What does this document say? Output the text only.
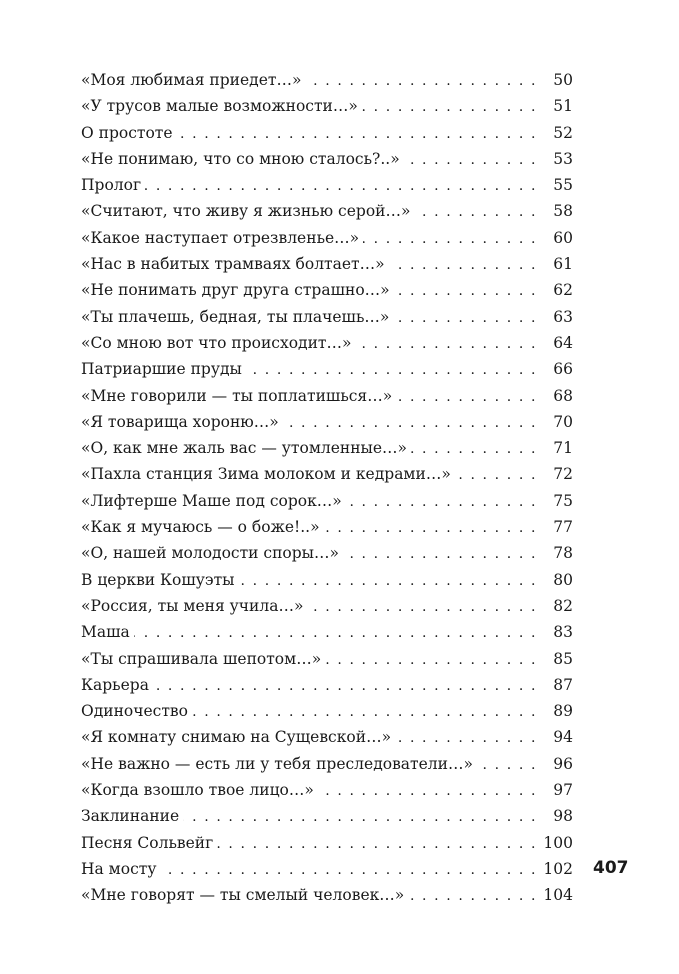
«Моя любимая приедет…» . . .	50
«У трусов малые возможности…» . . .	51
О простоте . . .	52
«Не понимаю, что со мною сталось?..» . . .	53
Пролог . . .	55
«Считают, что живу я жизнью серой…» . . .	58
«Какое наступает отрезвленье…» . . .	60
«Нас в набитых трамваях болтает…» . . .	61
«Не понимать друг друга страшно…» . . .	62
«Ты плачешь, бедная, ты плачешь…» . . .	63
«Со мною вот что происходит…» . . .	64
Патриаршие пруды . . .	66
«Мне говорили — ты поплатишься…» . . .	68
«Я товарища хороню…» . . .	70
«О, как мне жаль вас — утомленные…» . . .	71
«Пахла станция Зима молоком и кедрами…» . . .	72
«Лифтерше Маше под сорок…» . . .	75
«Как я мучаюсь — о боже!..» . . .	77
«О, нашей молодости споры…» . . .	78
В церкви Кошуэты . . .	80
«Россия, ты меня учила…» . . .	82
Маша . . .	83
«Ты спрашивала шепотом…» . . .	85
Карьера . . .	87
Одиночество . . .	89
«Я комнату снимаю на Сущевской…» . . .	94
«Не важно — есть ли у тебя преследователи…» . . .	96
«Когда взошло твое лицо…» . . .	97
Заклинание . . .	98
Песня Сольвейг . . .	100
На мосту . . .	102
«Мне говорят — ты смелый человек…» . . .	104
407
